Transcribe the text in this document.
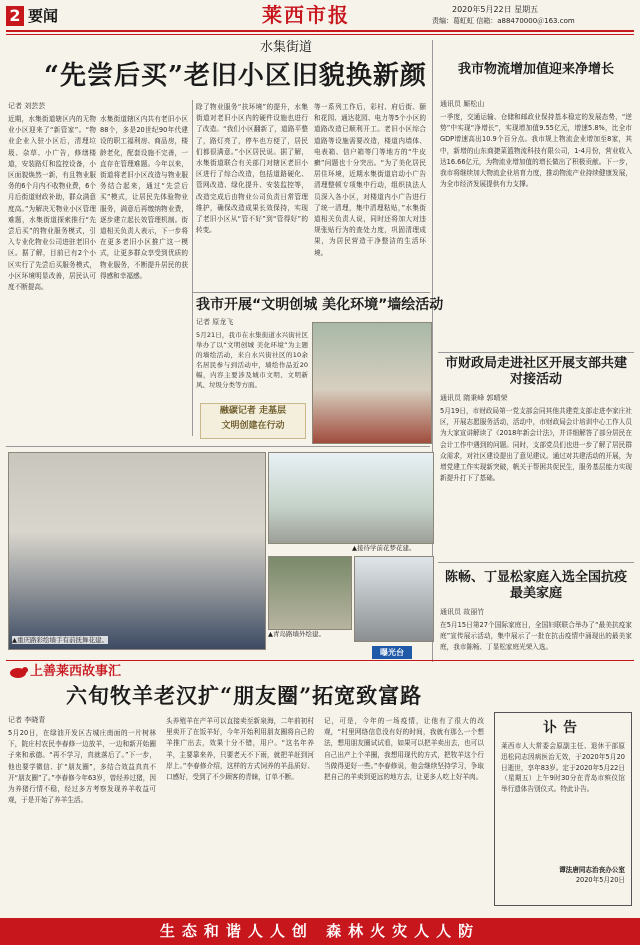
2 要闻	莱西市报	2020年5月22日 星期五
责编：葛虹虹 信箱：a88470000＠163.com
水集街道
“先尝后买”老旧小区旧貌换新颜
记者 刘芸芸
近期，水集街道辖区内的无物业小区迎来了“新管家”。“物业企业入驻小区后，清理垃圾、杂草、小广告，修缮楼道，安装路灯和监控设备，小区面貌焕然一新，有且物业服务的6个月内不收物业费，6个月后街道财政补助，群众满意度高。”为解决无物业小区管理难题，水集街道探索推行“先尝后买”的物业服务模式，引入专业化物业公司进驻老旧小区。据了解，目前已有2个小区实行了先尝后买服务模式，小区环境明显改善，居民认可度不断提高。
水集街道辖区内共有老旧小区88个，多是20世纪90年代建设的职工福利房、商品房，楼龄老化，配套设施不完善，一直存在管理难题。今年以来，街道将老旧小区改造与物业服务结合起来，通过“先尝后买”模式，让居民先体验物业服务，满意后再缴纳物业费，逐步建立起长效管理机制。街道相关负责人表示，下一步将在更多老旧小区推广这一模式，让更多群众享受到优质的物业服务，不断提升居民的获得感和幸福感。
除了物业服务“扶环境”的提升，水集街道对老旧小区内的硬件设施也进行了改造。“我们小区翻新了，道路平整了，路灯亮了，停车也方便了，居民们都很满意。”小区居民说。据了解，水集街道联合有关部门对辖区老旧小区进行了综合改造，包括道路硬化、管网改造、绿化提升、安装监控等，改造完成后由物业公司负责日常管理维护，确保改造成果长效保持，实现了老旧小区从“管不好”到“管得好”的转变。
等一系列工作后，彩村、府后街、颐和花园、通达花园、电力等5个小区的道路改造已顺利开工。老旧小区综合道路等设施需要改造，楼道内墙体、电表箱、信户箱等门等地方的“牛皮癣”问题也十分突出。“为了美化居民居住环境，近期水集街道启动小广告清理整顿专项集中行动，组织执法人员深入各小区，对楼道内小广告进行了统一清理，集中清理粘贴，”水集街道相关负责人说，同时还将加大对违规张贴行为的查处力度，巩固清理成果，为居民营造干净整洁的生活环境。
我市物流增加值迎来净增长
通讯员 厮松山
一季度，交通运输、仓储和邮政业保持基本稳定的发展态势，“逆势”中实现“净增长”，实现增加值9.55亿元，增速5.8%，比全市GDP增速高出10.9个百分点。我市规上物流企业增加至8家，其中，新增的山东商捷菜篮物流科技有限公司，1-4月份，营业收入达16.66亿元，为物流业增加值的增长做出了积极贡献。下一步，我市将继续加大物流企业培育力度，推动物流产业持续健康发展，为全市经济发展提供有力支撑。
我市开展“文明创城 美化环境”墙绘活动
记者 原龙飞
5月21日，我市在水集街道水兴街社区举办了以“文明创城 美化环境”为主题的墙绘活动，来自水兴街社区的10余名居民参与到活动中，墙绘作品近20幅，内容主要涉及城市文明、文明新风、垃圾分类等方面。
融碳记者 走基层
文明创建在行动
市财政局走进社区开展支部共建对接活动
通讯员 隋秉峰 郭晴荣
5月19日，市财政局第一党支部会同其他共建党支部走进李家庄社区，开展志愿服务活动，活动中，市财政局会计培训中心工作人员为大家宣讲解读了《2018年新会计法》，并详细解答了部分居民在会计工作中遇到的问题。同时，支部党员们也进一步了解了居民群众需求，对社区建设提出了意见建议。通过对共建活动的开展，为增党建工作实现新突破，帆关于帮困共促民生，服务基层能力实现新提升打下了基础。
陈畅、丁显松家庭入选全国抗疫最美家庭
通讯员 故丽竹
在5月15日第27个国际家庭日，全国妇联联合举办了“最美抗疫家庭”宣传展示活动，集中展示了一批在抗击疫情中涌现出的最美家庭，我市陈畅、丁显松家庭光荣入选。
▲重庆路彩绘墙手有前抚舞花建。
▲接待学前花梦花建。
▲青岛路墙外绘建。
曝光台
上善莱西故事汇
六旬牧羊老汉扩“朋友圈”拓宽致富路
记者 李晓青
5月20日，在绿油开发区古城庄南面的一片树林下，院庄村农民李春修一边放羊，一边和新开始圈子来和承德。“再不学习，真就落后了。”下一步，他也要学微信、扩“朋友圈”，多结合效益真真不开“朋友圈”了。”李春修今年63岁，曾经养过猪，因为养猪行情不稳，经过多方考察发现养羊收益可观，于是开始了养羊生活。
头养殖羊在产羊可以直接卖至新泉海，二年前初村里卖开了在饭羊好，今年开始利用朋友圈将自己的羊推广出去，效果十分不错，用户。“这名年养羊，主要靠来养，只要老天不下雨，就把羊赶到河岸上。”李春修介绍，这样的方式饲养的羊品质好、口感好，受到了不少顾客的青睐，订单不断。
记，可是，今年的一场疫情，让他有了很大的改观，“村里网络信息没有好的时间，我就有那么一个想法，想用朋友圈试试看，如果可以把羊卖出去，也可以自己出产上个羊圈，我想用现代的方式，把牧羊这个行当做得更好一些。”李春修说，他会继续坚持学习，争取把自己的羊卖到更远的地方去，让更多人吃上好羊肉。
讣告
莱西市人大常委会原副主任、退休干部原迅松同志因病医治无效，于2020年5月20日逝世，享年83岁。定于2020年5月22日（星期五）上午9时30分在青岛市殡仪馆举行遗体告别仪式。特此讣告。
谭法唐同志治丧办公室
2020年5月20日
生态和谐人人创 森林火灾人人防
